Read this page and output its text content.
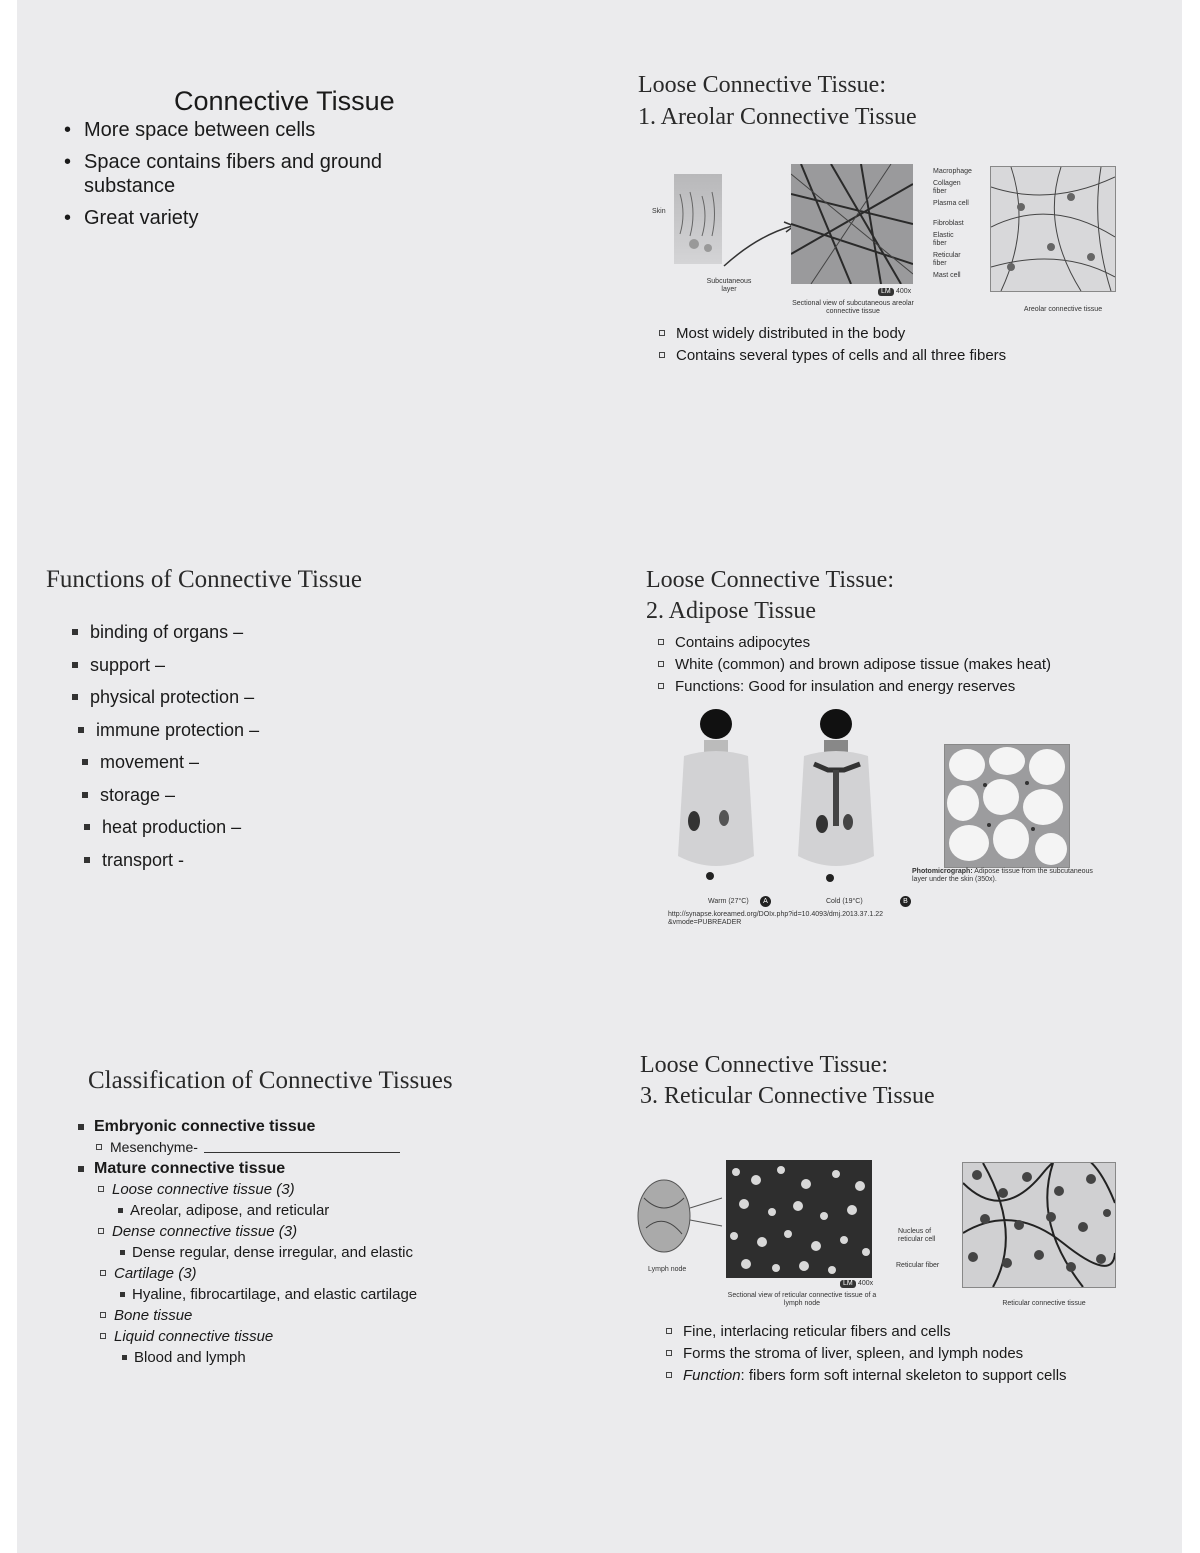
Connective Tissue
• More space between cells
• Space contains fibers and ground substance
• Great variety
Loose Connective Tissue:
1. Areolar Connective Tissue
Skin
Subcutaneous layer	LM 400x
Sectional view of subcutaneous areolar connective tissue
Macrophage
Collagen fiber
Plasma cell
Fibroblast
Elastic fiber
Reticular fiber
Mast cell
Areolar connective tissue
Most widely distributed in the body
Contains several types of cells and all three fibers
Functions of Connective Tissue
binding of organs –
support –
physical protection –
immune protection –
movement –
storage –
heat production –
transport -
Loose Connective Tissue:
2. Adipose Tissue
Contains adipocytes
White (common) and brown adipose tissue (makes heat)
Functions: Good for insulation and energy reserves
Warm (27°C)	A	Cold (19°C)	B
http://synapse.koreamed.org/DOIx.php?id=10.4093/dmj.2013.37.1.22 &vmode=PUBREADER
Photomicrograph: Adipose tissue from the subcutaneous layer under the skin (350x).
Classification of Connective Tissues
Embryonic connective tissue
Mesenchyme-
Mature connective tissue
Loose connective tissue (3)
Areolar, adipose, and reticular
Dense connective tissue (3)
Dense regular, dense irregular, and elastic
Cartilage (3)
Hyaline, fibrocartilage, and elastic cartilage
Bone tissue
Liquid connective tissue
Blood and lymph
Loose Connective Tissue:
3. Reticular Connective Tissue
Lymph node
LM 400x
Sectional view of reticular connective tissue of a lymph node
Nucleus of reticular cell
Reticular fiber
Reticular connective tissue
Fine, interlacing reticular fibers and cells
Forms the stroma of liver, spleen, and lymph nodes
Function: fibers form soft internal skeleton to support cells
